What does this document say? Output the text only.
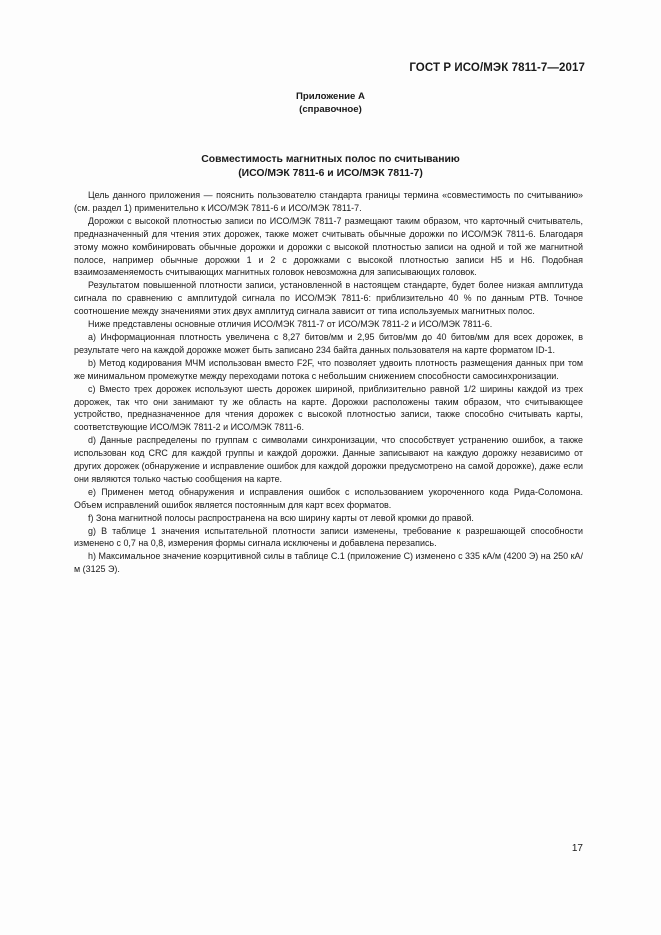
ГОСТ Р ИСО/МЭК 7811-7—2017
Приложение А
(справочное)
Совместимость магнитных полос по считыванию
(ИСО/МЭК 7811-6 и ИСО/МЭК 7811-7)

Цель данного приложения — пояснить пользователю стандарта границы термина «совместимость по считыванию» (см. раздел 1) применительно к ИСО/МЭК 7811-6 и ИСО/МЭК 7811-7.

Дорожки с высокой плотностью записи по ИСО/МЭК 7811-7 размещают таким образом, что карточный считыватель, предназначенный для чтения этих дорожек, также может считывать обычные дорожки по ИСО/МЭК 7811-6. Благодаря этому можно комбинировать обычные дорожки и дорожки с высокой плотностью записи на одной и той же магнитной полосе, например обычные дорожки 1 и 2 с дорожками с высокой плотностью записи Н5 и Н6. Подобная взаимозаменяемость считывающих магнитных головок невозможна для записывающих головок.

Результатом повышенной плотности записи, установленной в настоящем стандарте, будет более низкая амплитуда сигнала по сравнению с амплитудой сигнала по ИСО/МЭК 7811-6: приблизительно 40 % по данным РТВ. Точное соотношение между значениями этих двух амплитуд сигнала зависит от типа используемых магнитных полос.

Ниже представлены основные отличия ИСО/МЭК 7811-7 от ИСО/МЭК 7811-2 и ИСО/МЭК 7811-6.

а) Информационная плотность увеличена с 8,27 битов/мм и 2,95 битов/мм до 40 битов/мм для всех дорожек, в результате чего на каждой дорожке может быть записано 234 байта данных пользователя на карте форматом ID-1.

b) Метод кодирования МЧМ использован вместо F2F, что позволяет удвоить плотность размещения данных при том же минимальном промежутке между переходами потока с небольшим снижением способности самосинхронизации.

с) Вместо трех дорожек используют шесть дорожек шириной, приблизительно равной 1/2 ширины каждой из трех дорожек, так что они занимают ту же область на карте. Дорожки расположены таким образом, что считывающее устройство, предназначенное для чтения дорожек с высокой плотностью записи, также способно считывать карты, соответствующие ИСО/МЭК 7811-2 и ИСО/МЭК 7811-6.

d) Данные распределены по группам с символами синхронизации, что способствует устранению ошибок, а также использован код CRC для каждой группы и каждой дорожки. Данные записывают на каждую дорожку независимо от других дорожек (обнаружение и исправление ошибок для каждой дорожки предусмотрено на самой дорожке), даже если они являются только частью сообщения на карте.

е) Применен метод обнаружения и исправления ошибок с использованием укороченного кода Рида-Соломона. Объем исправлений ошибок является постоянным для карт всех форматов.

f) Зона магнитной полосы распространена на всю ширину карты от левой кромки до правой.

g) В таблице 1 значения испытательной плотности записи изменены, требование к разрешающей способности изменено с 0,7 на 0,8, измерения формы сигнала исключены и добавлена перезапись.

h) Максимальное значение коэрцитивной силы в таблице С.1 (приложение С) изменено с 335 кА/м (4200 Э) на 250 кА/м (3125 Э).

17
